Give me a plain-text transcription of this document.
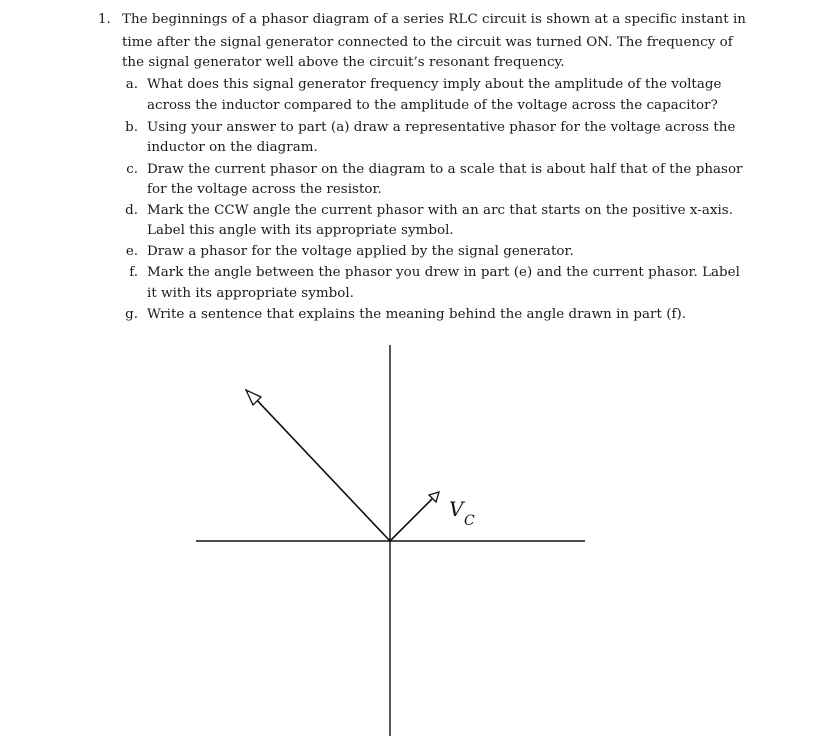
1. The beginnings of a phasor diagram of a series RLC circuit is shown at a specific instant in
time after the signal generator connected to the circuit was turned ON. The frequency of
the signal generator well above the circuit’s resonant frequency.
a. What does this signal generator frequency imply about the amplitude of the voltage
across the inductor compared to the amplitude of the voltage across the capacitor?
b. Using your answer to part (a) draw a representative phasor for the voltage across the
inductor on the diagram.
c. Draw the current phasor on the diagram to a scale that is about half that of the phasor
for the voltage across the resistor.
d. Mark the CCW angle the current phasor with an arc that starts on the positive x-axis.
Label this angle with its appropriate symbol.
e. Draw a phasor for the voltage applied by the signal generator.
f. Mark the angle between the phasor you drew in part (e) and the current phasor. Label
it with its appropriate symbol.
g. Write a sentence that explains the meaning behind the angle drawn in part (f).
V C
